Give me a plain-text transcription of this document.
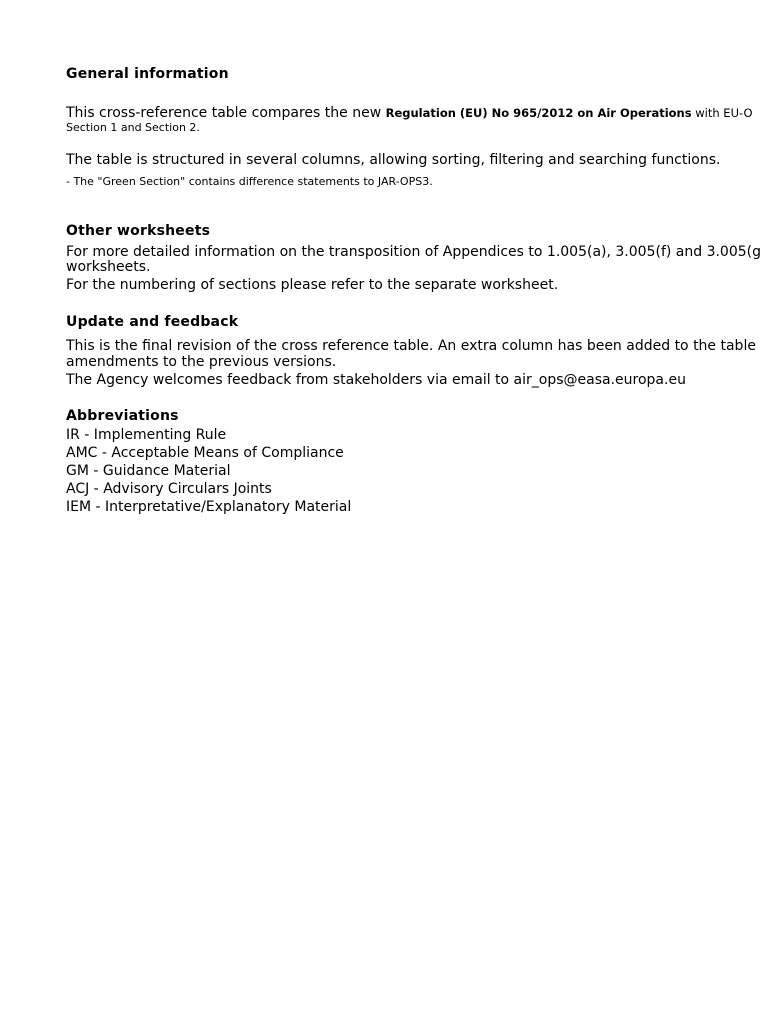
General information
This cross-reference table compares the new Regulation (EU) No 965/2012 on Air Operations with EU-O
Section 1 and Section 2.
The table is structured in several columns, allowing sorting, filtering and searching functions.
- The "Green Section" contains difference statements to JAR-OPS3.
Other worksheets
For more detailed information on the transposition of Appendices to 1.005(a), 3.005(f) and 3.005(g
worksheets.
For the numbering of sections please refer to the separate worksheet.
Update and feedback
This is the final revision of the cross reference table. An extra column has been added to the table
amendments to the previous versions.
The Agency welcomes feedback from stakeholders via email to air_ops@easa.europa.eu
Abbreviations
IR - Implementing Rule
AMC - Acceptable Means of Compliance
GM - Guidance Material
ACJ - Advisory Circulars Joints
IEM - Interpretative/Explanatory Material
